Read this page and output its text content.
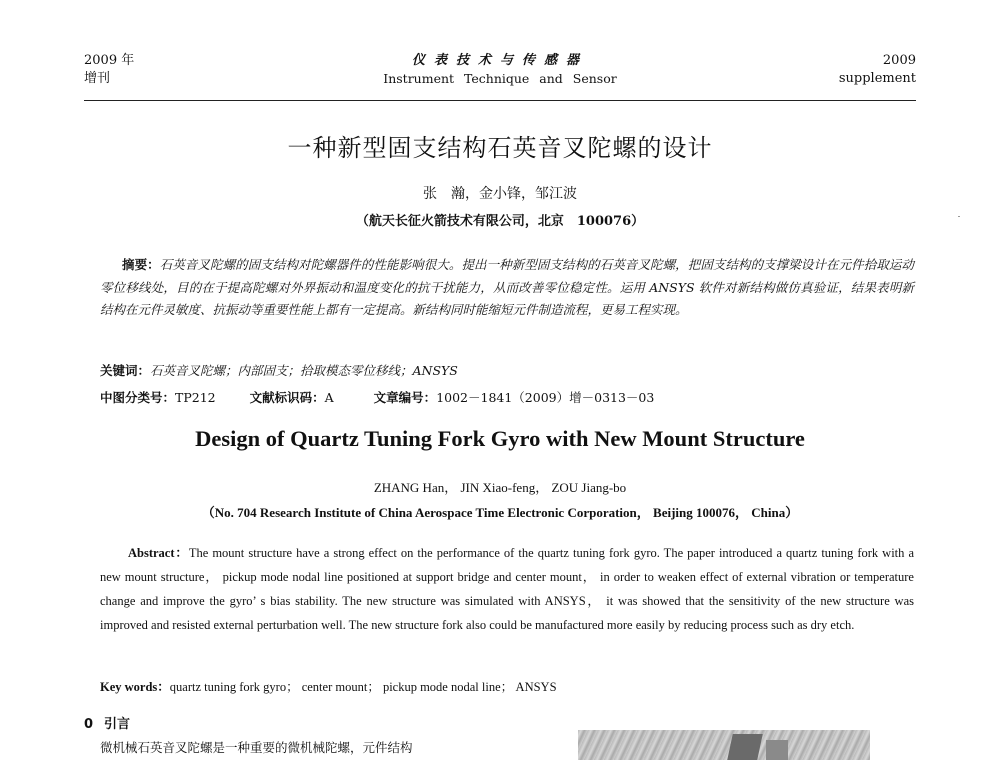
2009 年
增刊
仪表技术与传感器
Instrument Technique and Sensor
2009
supplement
一种新型固支结构石英音叉陀螺的设计
张　瀚，金小锋，邹江波
（航天长征火箭技术有限公司，北京　100076）
摘要：石英音叉陀螺的固支结构对陀螺器件的性能影响很大。提出一种新型固支结构的石英音叉陀螺，把固支结构的支撑梁设计在元件拾取运动零位移线处，目的在于提高陀螺对外界振动和温度变化的抗干扰能力，从而改善零位稳定性。运用 ANSYS 软件对新结构做仿真验证，结果表明新结构在元件灵敏度、抗振动等重要性能上都有一定提高。新结构同时能缩短元件制造流程，更易工程实现。
关键词：石英音叉陀螺；内部固支；拾取模态零位移线；ANSYS
中图分类号：TP212	文献标识码：A	文章编号：1002－1841（2009）增－0313－03
Design of Quartz Tuning Fork Gyro with New Mount Structure
ZHANG Han， JIN Xiao-feng， ZOU Jiang-bo
（No. 704 Research Institute of China Aerospace Time Electronic Corporation， Beijing 100076， China）
Abstract：The mount structure have a strong effect on the performance of the quartz tuning fork gyro. The paper introduced a quartz tuning fork with a new mount structure， pickup mode nodal line positioned at support bridge and center mount， in order to weaken effect of external vibration or temperature change and improve the gyro’ s bias stability. The new structure was simulated with ANSYS， it was showed that the sensitivity of the new structure was improved and resisted external perturbation well. The new structure fork also could be manufactured more easily by reducing process such as dry etch.
Key words：quartz tuning fork gyro； center mount； pickup mode nodal line； ANSYS
0 引言
微机械石英音叉陀螺是一种重要的微机械陀螺，元件结构
